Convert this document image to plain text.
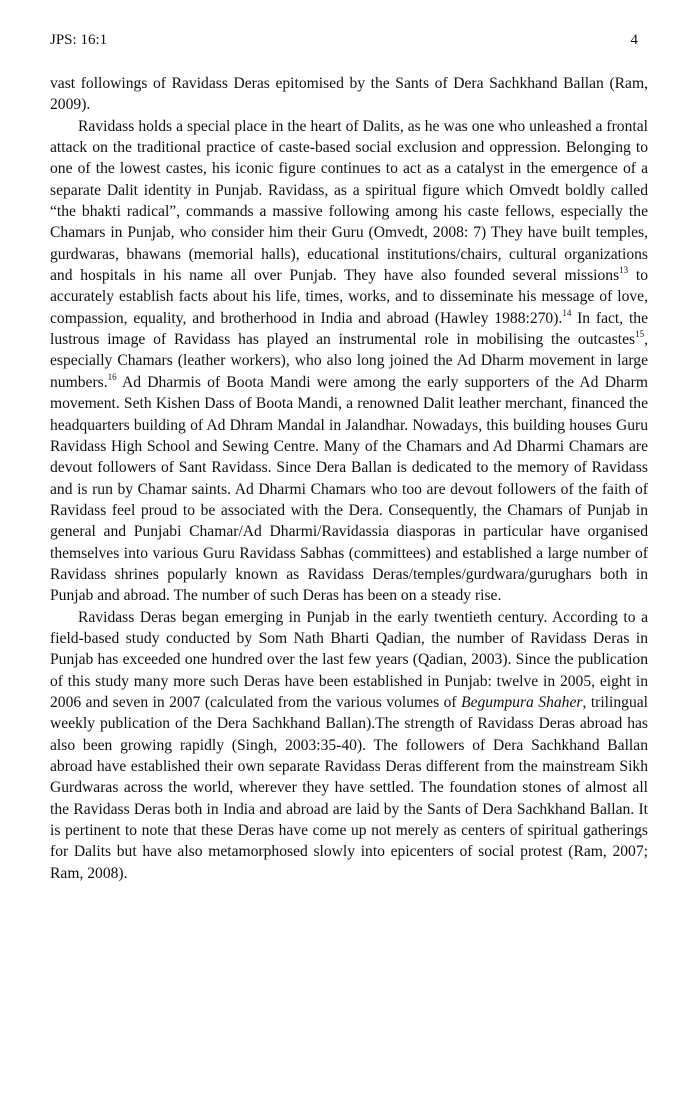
JPS: 16:1	4

vast followings of Ravidass Deras epitomised by the Sants of Dera Sachkhand Ballan (Ram, 2009).

Ravidass holds a special place in the heart of Dalits, as he was one who unleashed a frontal attack on the traditional practice of caste-based social exclusion and oppression. Belonging to one of the lowest castes, his iconic figure continues to act as a catalyst in the emergence of a separate Dalit identity in Punjab. Ravidass, as a spiritual figure which Omvedt boldly called “the bhakti radical”, commands a massive following among his caste fellows, especially the Chamars in Punjab, who consider him their Guru (Omvedt, 2008: 7) They have built temples, gurdwaras, bhawans (memorial halls), educational institutions/chairs, cultural organizations and hospitals in his name all over Punjab. They have also founded several missions$^{13}$ to accurately establish facts about his life, times, works, and to disseminate his message of love, compassion, equality, and brotherhood in India and abroad (Hawley 1988:270).$^{14}$ In fact, the lustrous image of Ravidass has played an instrumental role in mobilising the outcastes$^{15}$, especially Chamars (leather workers), who also long joined the Ad Dharm movement in large numbers.$^{16}$ Ad Dharmis of Boota Mandi were among the early supporters of the Ad Dharm movement. Seth Kishen Dass of Boota Mandi, a renowned Dalit leather merchant, financed the headquarters building of Ad Dhram Mandal in Jalandhar. Nowadays, this building houses Guru Ravidass High School and Sewing Centre. Many of the Chamars and Ad Dharmi Chamars are devout followers of Sant Ravidass. Since Dera Ballan is dedicated to the memory of Ravidass and is run by Chamar saints. Ad Dharmi Chamars who too are devout followers of the faith of Ravidass feel proud to be associated with the Dera. Consequently, the Chamars of Punjab in general and Punjabi Chamar/Ad Dharmi/Ravidassia diasporas in particular have organised themselves into various Guru Ravidass Sabhas (committees) and established a large number of Ravidass shrines popularly known as Ravidass Deras/temples/gurdwara/gurughars both in Punjab and abroad. The number of such Deras has been on a steady rise.

Ravidass Deras began emerging in Punjab in the early twentieth century. According to a field-based study conducted by Som Nath Bharti Qadian, the number of Ravidass Deras in Punjab has exceeded one hundred over the last few years (Qadian, 2003). Since the publication of this study many more such Deras have been established in Punjab: twelve in 2005, eight in 2006 and seven in 2007 (calculated from the various volumes of Begumpura Shaher, trilingual weekly publication of the Dera Sachkhand Ballan).The strength of Ravidass Deras abroad has also been growing rapidly (Singh, 2003:35-40). The followers of Dera Sachkhand Ballan abroad have established their own separate Ravidass Deras different from the mainstream Sikh Gurdwaras across the world, wherever they have settled. The foundation stones of almost all the Ravidass Deras both in India and abroad are laid by the Sants of Dera Sachkhand Ballan. It is pertinent to note that these Deras have come up not merely as centers of spiritual gatherings for Dalits but have also metamorphosed slowly into epicenters of social protest (Ram, 2007; Ram, 2008).
